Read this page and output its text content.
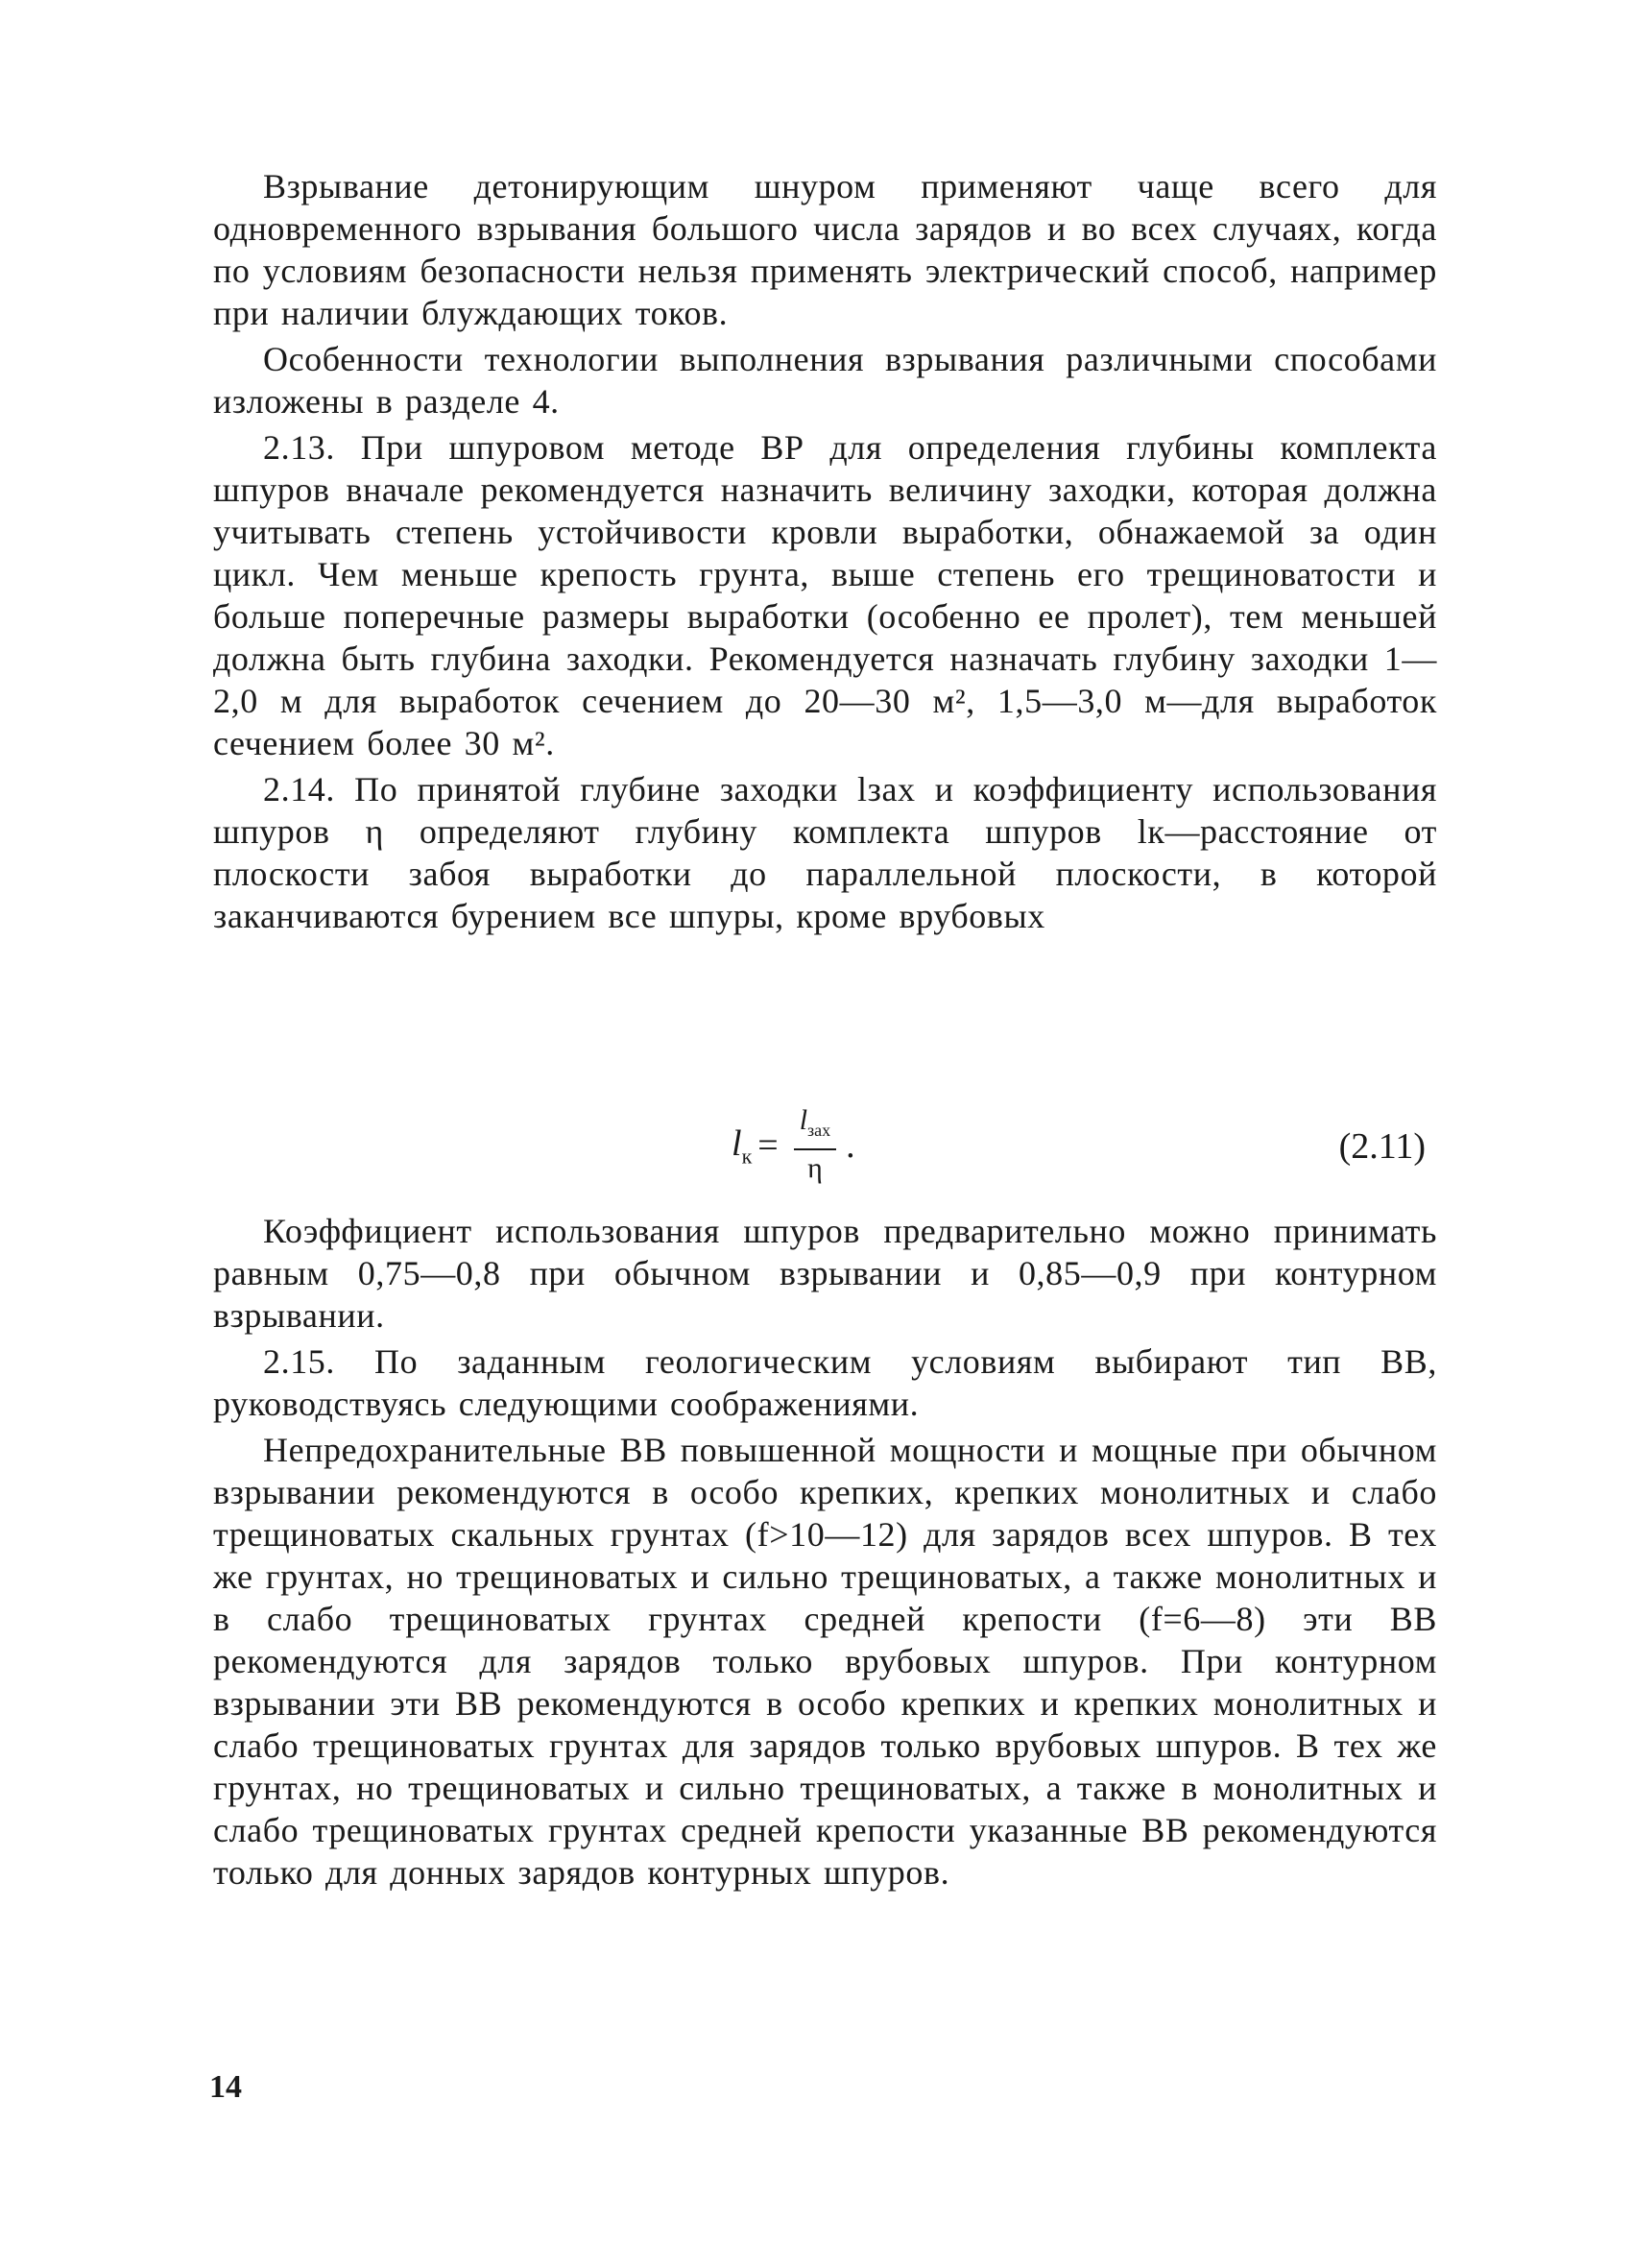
Взрывание детонирующим шнуром применяют чаще всего для одновременного взрывания большого числа зарядов и во всех случаях, когда по условиям безопасности нельзя применять электрический способ, например при наличии блуждающих токов.

Особенности технологии выполнения взрывания различными способами изложены в разделе 4.

2.13. При шпуровом методе ВР для определения глубины комплекта шпуров вначале рекомендуется назначить величину заходки, которая должна учитывать степень устойчивости кровли выработки, обнажаемой за один цикл. Чем меньше крепость грунта, выше степень его трещиноватости и больше поперечные размеры выработки (особенно ее пролет), тем меньшей должна быть глубина заходки. Рекомендуется назначать глубину заходки 1—2,0 м для выработок сечением до 20—30 м², 1,5—3,0 м—для выработок сечением более 30 м².

2.14. По принятой глубине заходки lзах и коэффициенту использования шпуров η определяют глубину комплекта шпуров lк—расстояние от плоскости забоя выработки до параллельной плоскости, в которой заканчиваются бурением все шпуры, кроме врубовых

$l_к = \frac{l_{зах}}{\eta}$ .	(2.11)

Коэффициент использования шпуров предварительно можно принимать равным 0,75—0,8 при обычном взрывании и 0,85—0,9 при контурном взрывании.

2.15. По заданным геологическим условиям выбирают тип ВВ, руководствуясь следующими соображениями.

Непредохранительные ВВ повышенной мощности и мощные при обычном взрывании рекомендуются в особо крепких, крепких монолитных и слабо трещиноватых скальных грунтах (f>10—12) для зарядов всех шпуров. В тех же грунтах, но трещиноватых и сильно трещиноватых, а также монолитных и в слабо трещиноватых грунтах средней крепости (f=6—8) эти ВВ рекомендуются для зарядов только врубовых шпуров. При контурном взрывании эти ВВ рекомендуются в особо крепких и крепких монолитных и слабо трещиноватых грунтах для зарядов только врубовых шпуров. В тех же грунтах, но трещиноватых и сильно трещиноватых, а также в монолитных и слабо трещиноватых грунтах средней крепости указанные ВВ рекомендуются только для донных зарядов контурных шпуров.

14
